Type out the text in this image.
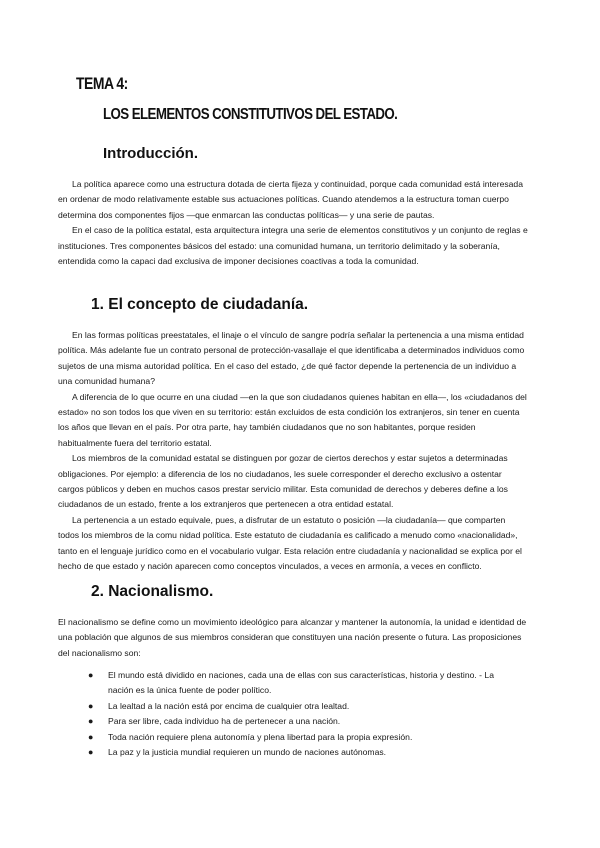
TEMA 4:
LOS ELEMENTOS CONSTITUTIVOS DEL ESTADO.
Introducción.

La política aparece como una estructura dotada de cierta fijeza y continuidad, porque cada comunidad está interesada en ordenar de modo relativamente estable sus actuaciones políticas. Cuando atendemos a la estructura toman cuerpo determina dos componentes fijos —que enmarcan las conductas políticas— y una serie de pautas.

En el caso de la política estatal, esta arquitectura integra una serie de elementos constitutivos y un conjunto de reglas e instituciones. Tres componentes básicos del estado: una comunidad humana, un territorio delimitado y la soberanía, entendida como la capaci dad exclusiva de imponer decisiones coactivas a toda la comunidad.

1. El concepto de ciudadanía.

En las formas políticas preestatales, el linaje o el vínculo de sangre podría señalar la pertenencia a una misma entidad política. Más adelante fue un contrato personal de protección-vasallaje el que identificaba a determinados individuos como sujetos de una misma autoridad política. En el caso del estado, ¿de qué factor depende la pertenencia de un individuo a una comunidad humana?

A diferencia de lo que ocurre en una ciudad —en la que son ciudadanos quienes habitan en ella—, los «ciudadanos del estado» no son todos los que viven en su territorio: están excluidos de esta condición los extranjeros, sin tener en cuenta los años que llevan en el país. Por otra parte, hay también ciudadanos que no son habitantes, porque residen habitualmente fuera del territorio estatal.

Los miembros de la comunidad estatal se distinguen por gozar de ciertos derechos y estar sujetos a determinadas obligaciones. Por ejemplo: a diferencia de los no ciudadanos, les suele corresponder el derecho exclusivo a ostentar cargos públicos y deben en muchos casos prestar servicio militar. Esta comunidad de derechos y deberes define a los ciudadanos de un estado, frente a los extranjeros que pertenecen a otra entidad estatal.

La pertenencia a un estado equivale, pues, a disfrutar de un estatuto o posición —la ciudadanía— que comparten todos los miembros de la comu nidad política. Este estatuto de ciudadanía es calificado a menudo como «nacionalidad», tanto en el lenguaje jurídico como en el vocabulario vulgar. Esta relación entre ciudadanía y nacionalidad se explica por el hecho de que estado y nación aparecen como conceptos vinculados, a veces en armonía, a veces en conflicto.

2. Nacionalismo.

El nacionalismo se define como un movimiento ideológico para alcanzar y mantener la autonomía, la unidad e identidad de una población que algunos de sus miembros consideran que constituyen una nación presente o futura. Las proposiciones del nacionalismo son:

● El mundo está dividido en naciones, cada una de ellas con sus características, historia y destino. - La nación es la única fuente de poder político.
● La lealtad a la nación está por encima de cualquier otra lealtad.
● Para ser libre, cada individuo ha de pertenecer a una nación.
● Toda nación requiere plena autonomía y plena libertad para la propia expresión.
● La paz y la justicia mundial requieren un mundo de naciones autónomas.
